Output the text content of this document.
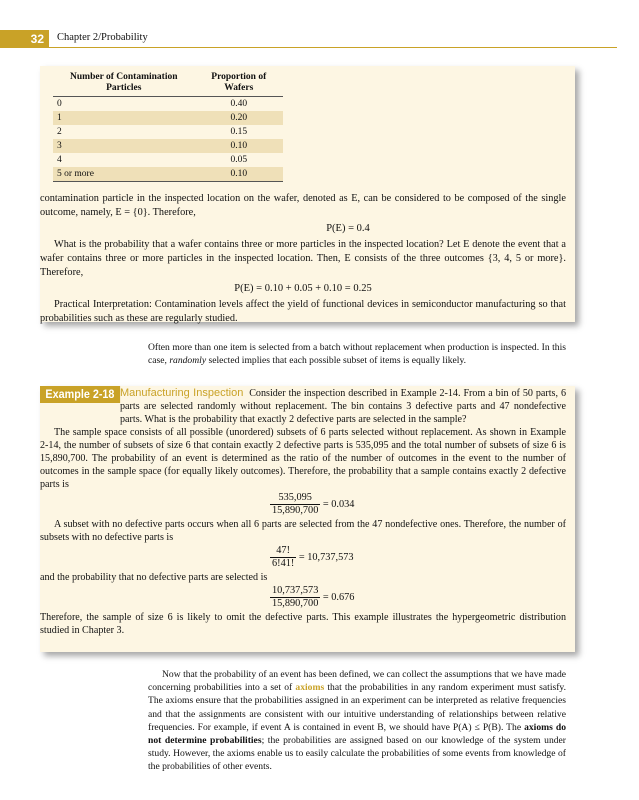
32	Chapter 2/Probability
Number of Contamination Particles	Proportion of Wafers
0	0.40
1	0.20
2	0.15
3	0.10
4	0.05
5 or more	0.10

contamination particle in the inspected location on the wafer, denoted as E, can be considered to be composed of the single outcome, namely, E = {0}. Therefore,

P(E) = 0.4

What is the probability that a wafer contains three or more particles in the inspected location? Let E denote the event that a wafer contains three or more particles in the inspected location. Then, E consists of the three outcomes {3, 4, 5 or more}. Therefore,

P(E) = 0.10 + 0.05 + 0.10 = 0.25

Practical Interpretation: Contamination levels affect the yield of functional devices in semiconductor manufacturing so that probabilities such as these are regularly studied.

Often more than one item is selected from a batch without replacement when production is inspected. In this case, randomly selected implies that each possible subset of items is equally likely.

Example 2-18 Manufacturing Inspection Consider the inspection described in Example 2-14. From a bin of 50 parts, 6 parts are selected randomly without replacement. The bin contains 3 defective parts and 47 nondefective parts. What is the probability that exactly 2 defective parts are selected in the sample?

The sample space consists of all possible (unordered) subsets of 6 parts selected without replacement. As shown in Example 2-14, the number of subsets of size 6 that contain exactly 2 defective parts is 535,095 and the total number of subsets of size 6 is 15,890,700. The probability of an event is determined as the ratio of the number of outcomes in the event to the number of outcomes in the sample space (for equally likely outcomes). Therefore, the probability that a sample contains exactly 2 defective parts is

$\frac{535,095}{15,890,700} = 0.034$

A subset with no defective parts occurs when all 6 parts are selected from the 47 nondefective ones. Therefore, the number of subsets with no defective parts is

$\frac{47!}{6!41!} = 10,737,573$

and the probability that no defective parts are selected is

$\frac{10,737,573}{15,890,700} = 0.676$

Therefore, the sample of size 6 is likely to omit the defective parts. This example illustrates the hypergeometric distribution studied in Chapter 3.

Now that the probability of an event has been defined, we can collect the assumptions that we have made concerning probabilities into a set of axioms that the probabilities in any random experiment must satisfy. The axioms ensure that the probabilities assigned in an experiment can be interpreted as relative frequencies and that the assignments are consistent with our intuitive understanding of relationships between relative frequencies. For example, if event A is contained in event B, we should have P(A) ≤ P(B). The axioms do not determine probabilities; the probabilities are assigned based on our knowledge of the system under study. However, the axioms enable us to easily calculate the probabilities of some events from knowledge of the probabilities of other events.
